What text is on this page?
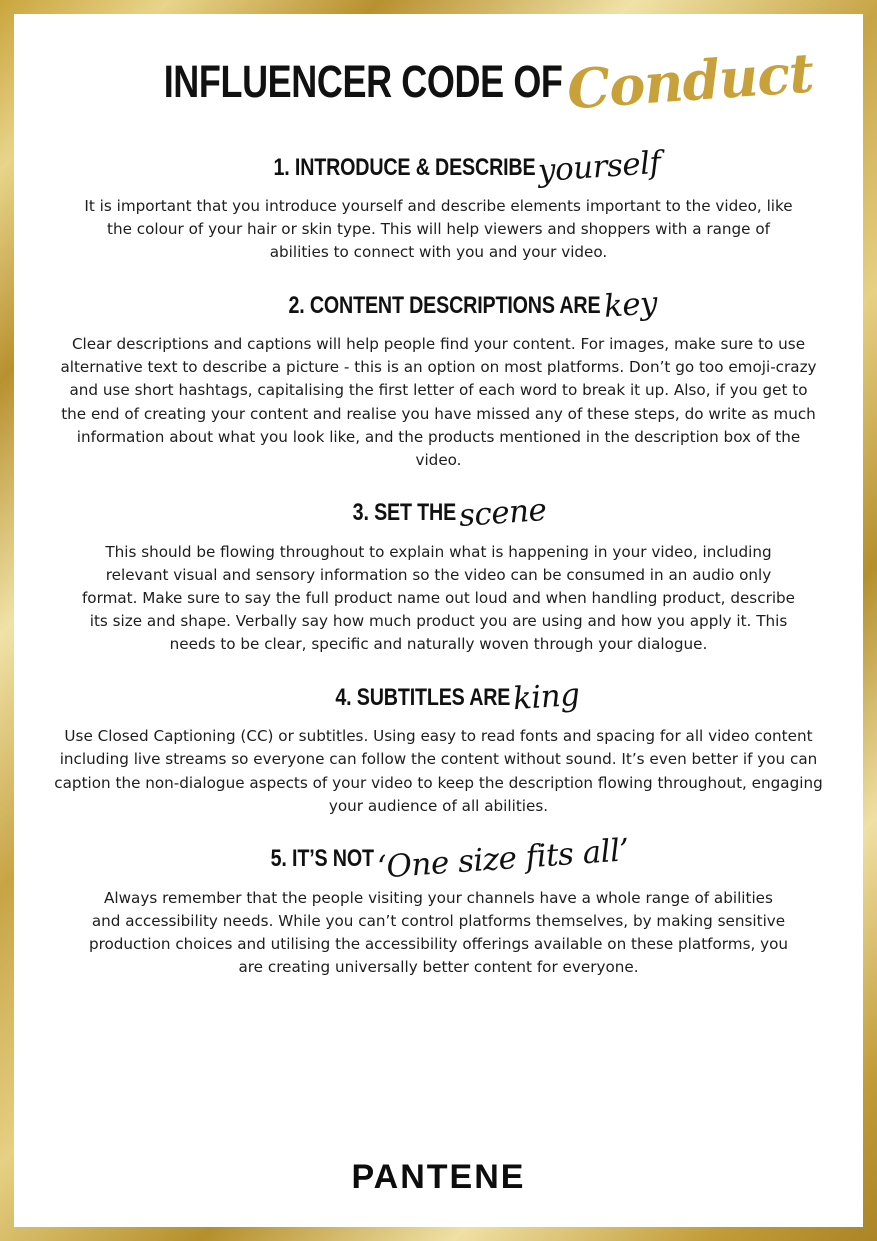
INFLUENCER CODE OFConduct
1. INTRODUCE & DESCRIBEyourself

It is important that you introduce yourself and describe elements important to the video, like the colour of your hair or skin type. This will help viewers and shoppers with a range of abilities to connect with you and your video.

2. CONTENT DESCRIPTIONS AREkey

Clear descriptions and captions will help people find your content. For images, make sure to use alternative text to describe a picture - this is an option on most platforms. Don’t go too emoji-crazy and use short hashtags, capitalising the first letter of each word to break it up. Also, if you get to the end of creating your content and realise you have missed any of these steps, do write as much information about what you look like, and the products mentioned in the description box of the video.

3. SET THEscene

This should be flowing throughout to explain what is happening in your video, including relevant visual and sensory information so the video can be consumed in an audio only format. Make sure to say the full product name out loud and when handling product, describe its size and shape. Verbally say how much product you are using and how you apply it. This needs to be clear, specific and naturally woven through your dialogue.

4. SUBTITLES AREking

Use Closed Captioning (CC) or subtitles. Using easy to read fonts and spacing for all video content including live streams so everyone can follow the content without sound. It’s even better if you can caption the non-dialogue aspects of your video to keep the description flowing throughout, engaging your audience of all abilities.

5. IT’S NOT‘One size fits all’

Always remember that the people visiting your channels have a whole range of abilities and accessibility needs. While you can’t control platforms themselves, by making sensitive production choices and utilising the accessibility offerings available on these platforms, you are creating universally better content for everyone.

PANTENE
